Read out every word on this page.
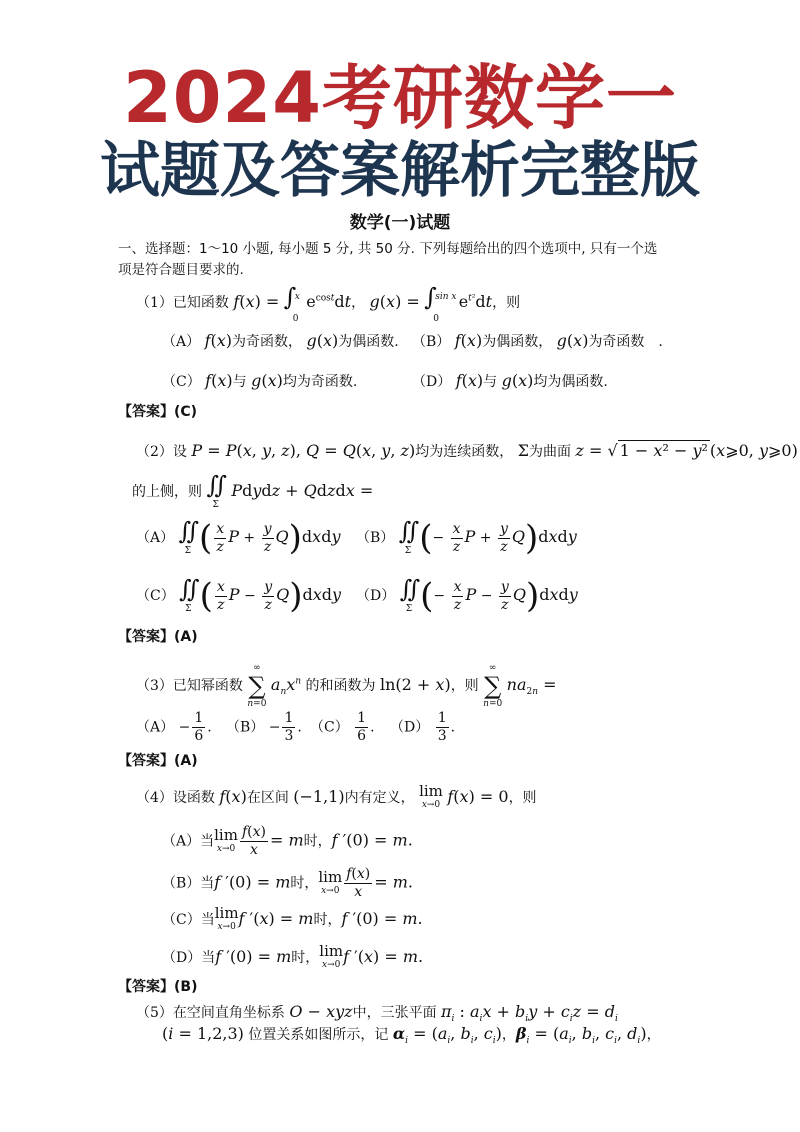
2024考研数学一
试题及答案解析完整版
数学(一)试题
一、选择题：1～10 小题, 每小题 5 分, 共 50 分. 下列每题给出的四个选项中, 只有一个选
项是符合题目要求的.
（1）已知函数 f(x) = ∫
x
0
$e^{cost}dt$， g(x) = ∫
sin x
0
$e^{t^2}dt$，则
（A） f(x)为奇函数， g(x)为偶函数. （B） f(x)为偶函数， g(x)为奇函数　.
（C） f(x)与 g(x)均为奇函数.	（D） f(x)与 g(x)均为偶函数.
【答案】(C)
（2）设 P = P(x, y, z), Q = Q(x, y, z)均为连续函数， Σ为曲面 z = √ 1 − x² − y² (x⩾0, y⩾0)
的上侧，则 ∬
Σ
Pdydz + Qdzdx =
（A） ∬
Σ ( $\frac{x}{z}$ $P + \frac{y}{z}$ Q)dxdy （B） ∬
Σ (− $\frac{x}{z}$ $P + \frac{y}{z}$ Q)dxdy
（C） ∬
Σ ( $\frac{x}{z}$ $P - \frac{y}{z}$ Q)dxdy （D） ∬
Σ (− $\frac{x}{z}$ $P - \frac{y}{z}$ Q)dxdy
【答案】(A)
（3）已知幂函数
∞
∑
n=0
$a_nx^n$ 的和函数为 ln(2 + x)，则
∞
∑
n=0
$na_{2n}$ =
$(A) - \frac{1}{6}$ . $(B) - \frac{1}{3}$ . $(C) \frac{1}{6}$ . $(D) \frac{1}{3}$ .
【答案】(A)
（4）设函数 f(x)在区间 (−1,1)内有定义， lim
x→0 f(x) = 0，则
（A）当 lim
$x\to 0 \frac{f(x)}{x} = m$时，f ′(0) = m.
（B）当f ′(0) = m时， lim
$x\to 0 \frac{f(x)}{x} = m$.
（C）当 lim
x→0 f ′(x) = m时，f ′(0) = m.
（D）当f ′(0) = m时， lim
x→0 f ′(x) = m.
【答案】(B)
（5）在空间直角坐标系 O − xyz中，三张平面 $\pi_i$ : $a_ix + b_iy + c_iz = d_i$
(i = 1,2,3) 位置关系如图所示，记 $\alpha_i = (a_i$, $b_i$, $c_i$)，$\beta_i = (a_i$, $b_i$, $c_i$, $d_i$)，
